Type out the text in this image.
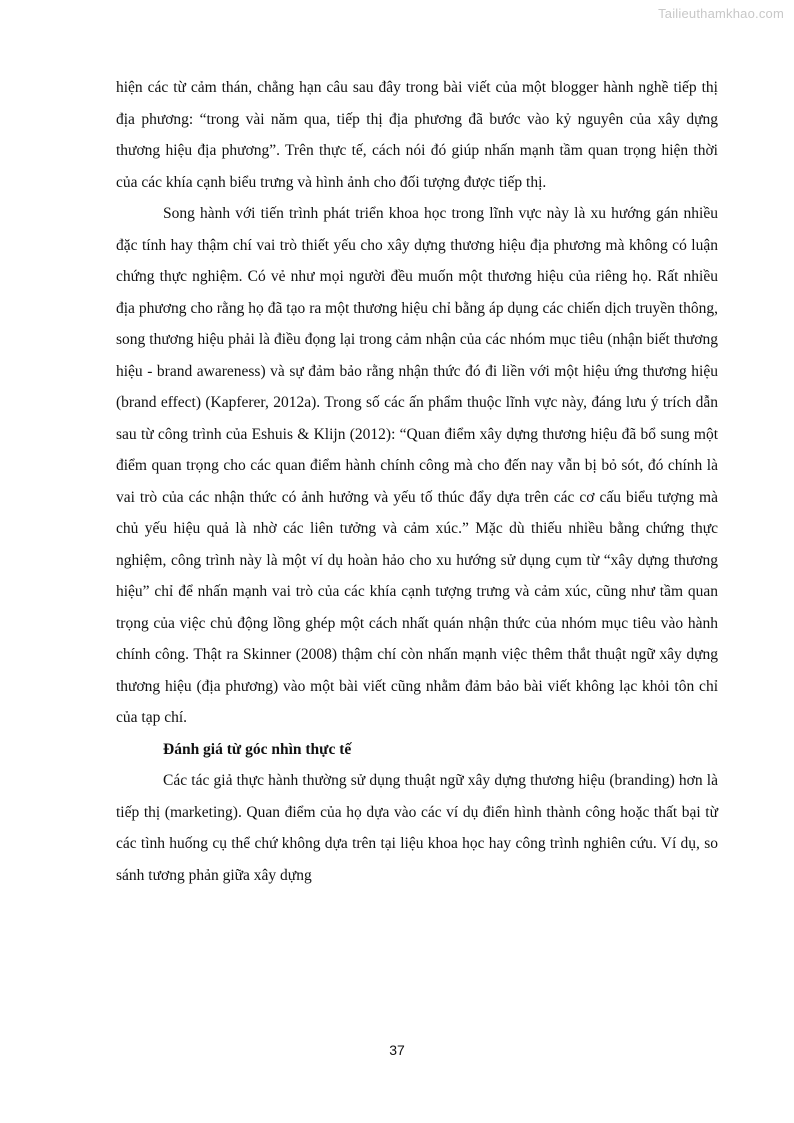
Tailieuthamkhao.com

hiện các từ cảm thán, chẳng hạn câu sau đây trong bài viết của một blogger hành nghề tiếp thị địa phương: “trong vài năm qua, tiếp thị địa phương đã bước vào kỷ nguyên của xây dựng thương hiệu địa phương”. Trên thực tế, cách nói đó giúp nhấn mạnh tầm quan trọng hiện thời của các khía cạnh biểu trưng và hình ảnh cho đối tượng được tiếp thị.

Song hành với tiến trình phát triển khoa học trong lĩnh vực này là xu hướng gán nhiều đặc tính hay thậm chí vai trò thiết yếu cho xây dựng thương hiệu địa phương mà không có luận chứng thực nghiệm. Có vẻ như mọi người đều muốn một thương hiệu của riêng họ. Rất nhiều địa phương cho rằng họ đã tạo ra một thương hiệu chỉ bằng áp dụng các chiến dịch truyền thông, song thương hiệu phải là điều đọng lại trong cảm nhận của các nhóm mục tiêu (nhận biết thương hiệu - brand awareness) và sự đảm bảo rằng nhận thức đó đi liền với một hiệu ứng thương hiệu (brand effect) (Kapferer, 2012a). Trong số các ấn phẩm thuộc lĩnh vực này, đáng lưu ý trích dẫn sau từ công trình của Eshuis & Klijn (2012): “Quan điểm xây dựng thương hiệu đã bổ sung một điểm quan trọng cho các quan điểm hành chính công mà cho đến nay vẫn bị bỏ sót, đó chính là vai trò của các nhận thức có ảnh hưởng và yếu tố thúc đẩy dựa trên các cơ cấu biểu tượng mà chủ yếu hiệu quả là nhờ các liên tưởng và cảm xúc.” Mặc dù thiếu nhiều bằng chứng thực nghiệm, công trình này là một ví dụ hoàn hảo cho xu hướng sử dụng cụm từ “xây dựng thương hiệu” chỉ để nhấn mạnh vai trò của các khía cạnh tượng trưng và cảm xúc, cũng như tầm quan trọng của việc chủ động lồng ghép một cách nhất quán nhận thức của nhóm mục tiêu vào hành chính công. Thật ra Skinner (2008) thậm chí còn nhấn mạnh việc thêm thắt thuật ngữ xây dựng thương hiệu (địa phương) vào một bài viết cũng nhằm đảm bảo bài viết không lạc khỏi tôn chỉ của tạp chí.

Đánh giá từ góc nhìn thực tế

Các tác giả thực hành thường sử dụng thuật ngữ xây dựng thương hiệu (branding) hơn là tiếp thị (marketing). Quan điểm của họ dựa vào các ví dụ điển hình thành công hoặc thất bại từ các tình huống cụ thể chứ không dựa trên tại liệu khoa học hay công trình nghiên cứu. Ví dụ, so sánh tương phản giữa xây dựng

37
